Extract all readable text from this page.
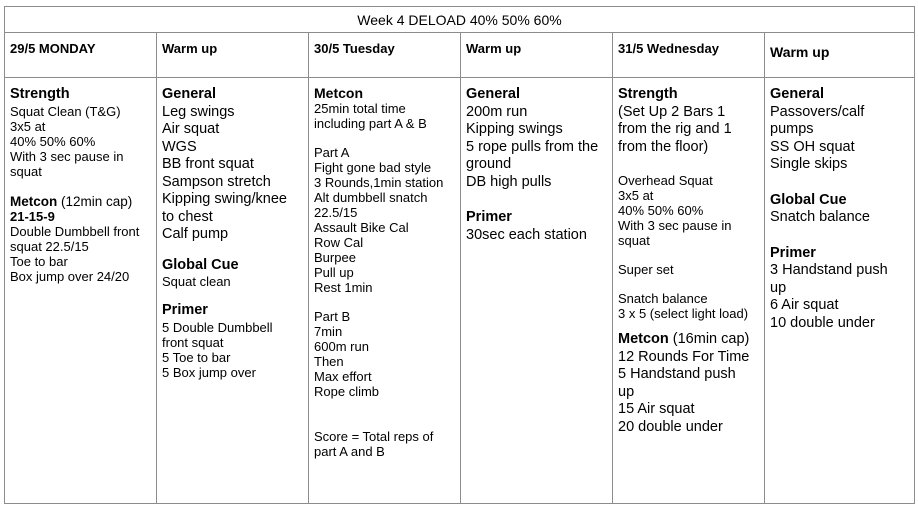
Week 4 DELOAD 40% 50% 60%
29/5 MONDAY
Strength
Squat Clean (T&G)
3x5 at
40% 50% 60%
With 3 sec pause in
squat
Metcon (12min cap)
21-15-9
Double Dumbbell front
squat 22.5/15
Toe to bar
Box jump over 24/20
Warm up
General
Leg swings
Air squat
WGS
BB front squat
Sampson stretch
Kipping swing/knee
to chest
Calf pump
Global Cue
Squat clean
Primer
5 Double Dumbbell
front squat
5 Toe to bar
5 Box jump over
30/5 Tuesday
Metcon
25min total time
including part A & B
Part A
Fight gone bad style
3 Rounds,1min station
Alt dumbbell snatch
22.5/15
Assault Bike Cal
Row Cal
Burpee
Pull up
Rest 1min
Part B
7min
600m run
Then
Max effort
Rope climb
Score = Total reps of
part A and B
Warm up
General
200m run
Kipping swings
5 rope pulls from the
ground
DB high pulls
Primer
30sec each station
31/5 Wednesday
Strength
(Set Up 2 Bars 1
from the rig and 1
from the floor)
Overhead Squat
3x5 at
40% 50% 60%
With 3 sec pause in
squat
Super set
Snatch balance
3 x 5 (select light load)
Metcon (16min cap)
12 Rounds For Time
5 Handstand push
up
15 Air squat
20 double under
Warm up
General
Passovers/calf
pumps
SS OH squat
Single skips
Global Cue
Snatch balance
Primer
3 Handstand push
up
6 Air squat
10 double under
